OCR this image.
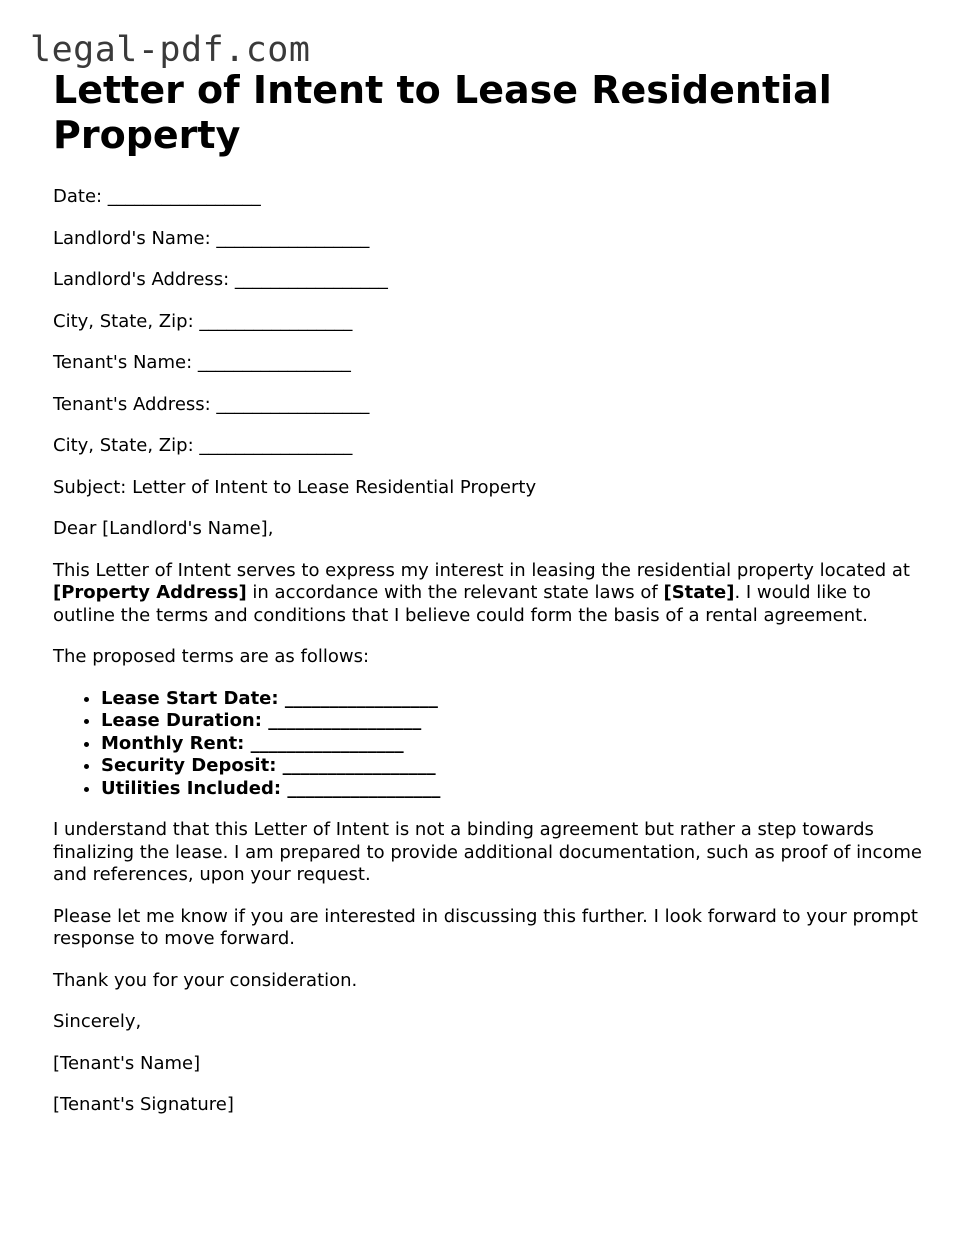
legal-pdf.com
Letter of Intent to Lease Residential Property

Date: _________________

Landlord's Name: _________________

Landlord's Address: _________________

City, State, Zip: _________________

Tenant's Name: _________________

Tenant's Address: _________________

City, State, Zip: _________________

Subject: Letter of Intent to Lease Residential Property

Dear [Landlord's Name],

This Letter of Intent serves to express my interest in leasing the residential property located at [Property Address] in accordance with the relevant state laws of [State]. I would like to outline the terms and conditions that I believe could form the basis of a rental agreement.

The proposed terms are as follows:

• Lease Start Date: _________________
• Lease Duration: _________________
• Monthly Rent: _________________
• Security Deposit: _________________
• Utilities Included: _________________

I understand that this Letter of Intent is not a binding agreement but rather a step towards finalizing the lease. I am prepared to provide additional documentation, such as proof of income and references, upon your request.

Please let me know if you are interested in discussing this further. I look forward to your prompt response to move forward.

Thank you for your consideration.

Sincerely,

[Tenant's Name]

[Tenant's Signature]
